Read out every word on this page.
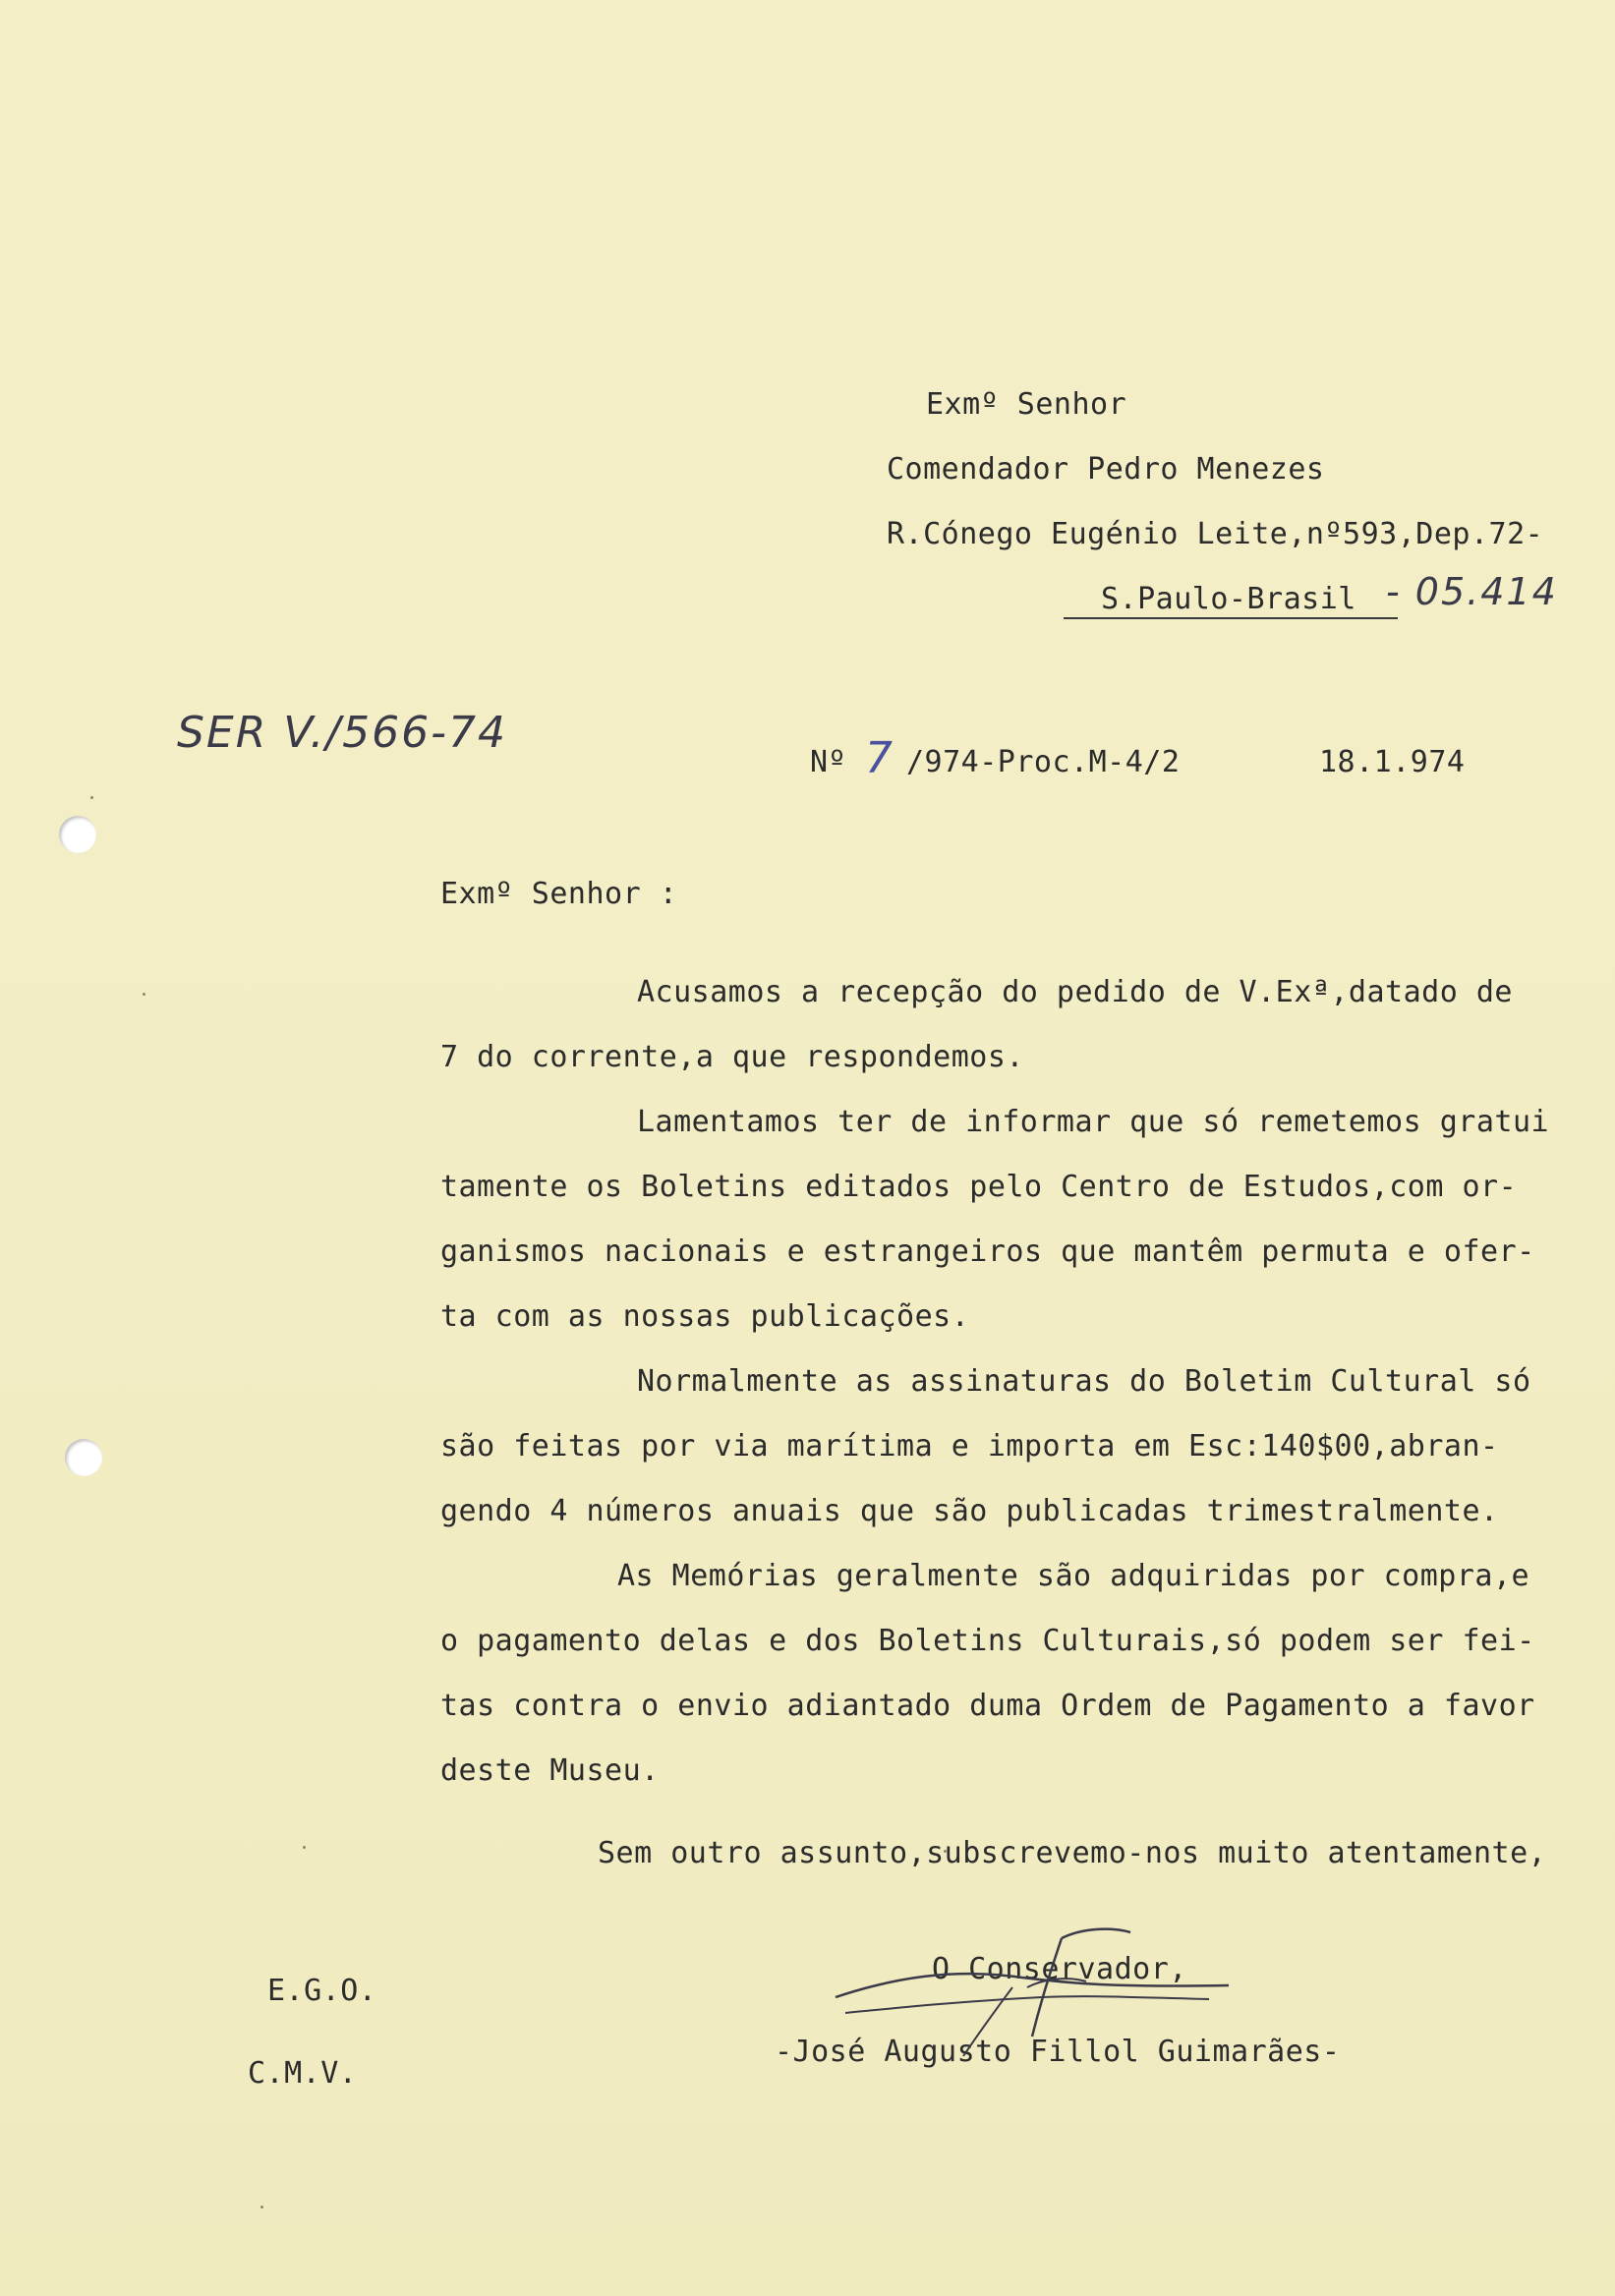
Exmº Senhor
Comendador Pedro Menezes
R.Cónego Eugénio Leite,nº593,Dep.72-
S.Paulo-Brasil - 05.414
SER V./566-74
Nº 7 /974-Proc.M-4/2	18.1.974
Exmº Senhor :
Acusamos a recepção do pedido de V.Exª,datado de
7 do corrente,a que respondemos.
Lamentamos ter de informar que só remetemos gratui
tamente os Boletins editados pelo Centro de Estudos,com or-
ganismos nacionais e estrangeiros que mantêm permuta e ofer-
ta com as nossas publicações.
Normalmente as assinaturas do Boletim Cultural só
são feitas por via marítima e importa em Esc:140$00,abran-
gendo 4 números anuais que são publicadas trimestralmente.
As Memórias geralmente são adquiridas por compra,e
o pagamento delas e dos Boletins Culturais,só podem ser fei-
tas contra o envio adiantado duma Ordem de Pagamento a favor
deste Museu.
Sem outro assunto,subscrevemo-nos muito atentamente,
O Conservador,
-José Augusto Fillol Guimarães-
E.G.O.
C.M.V.
